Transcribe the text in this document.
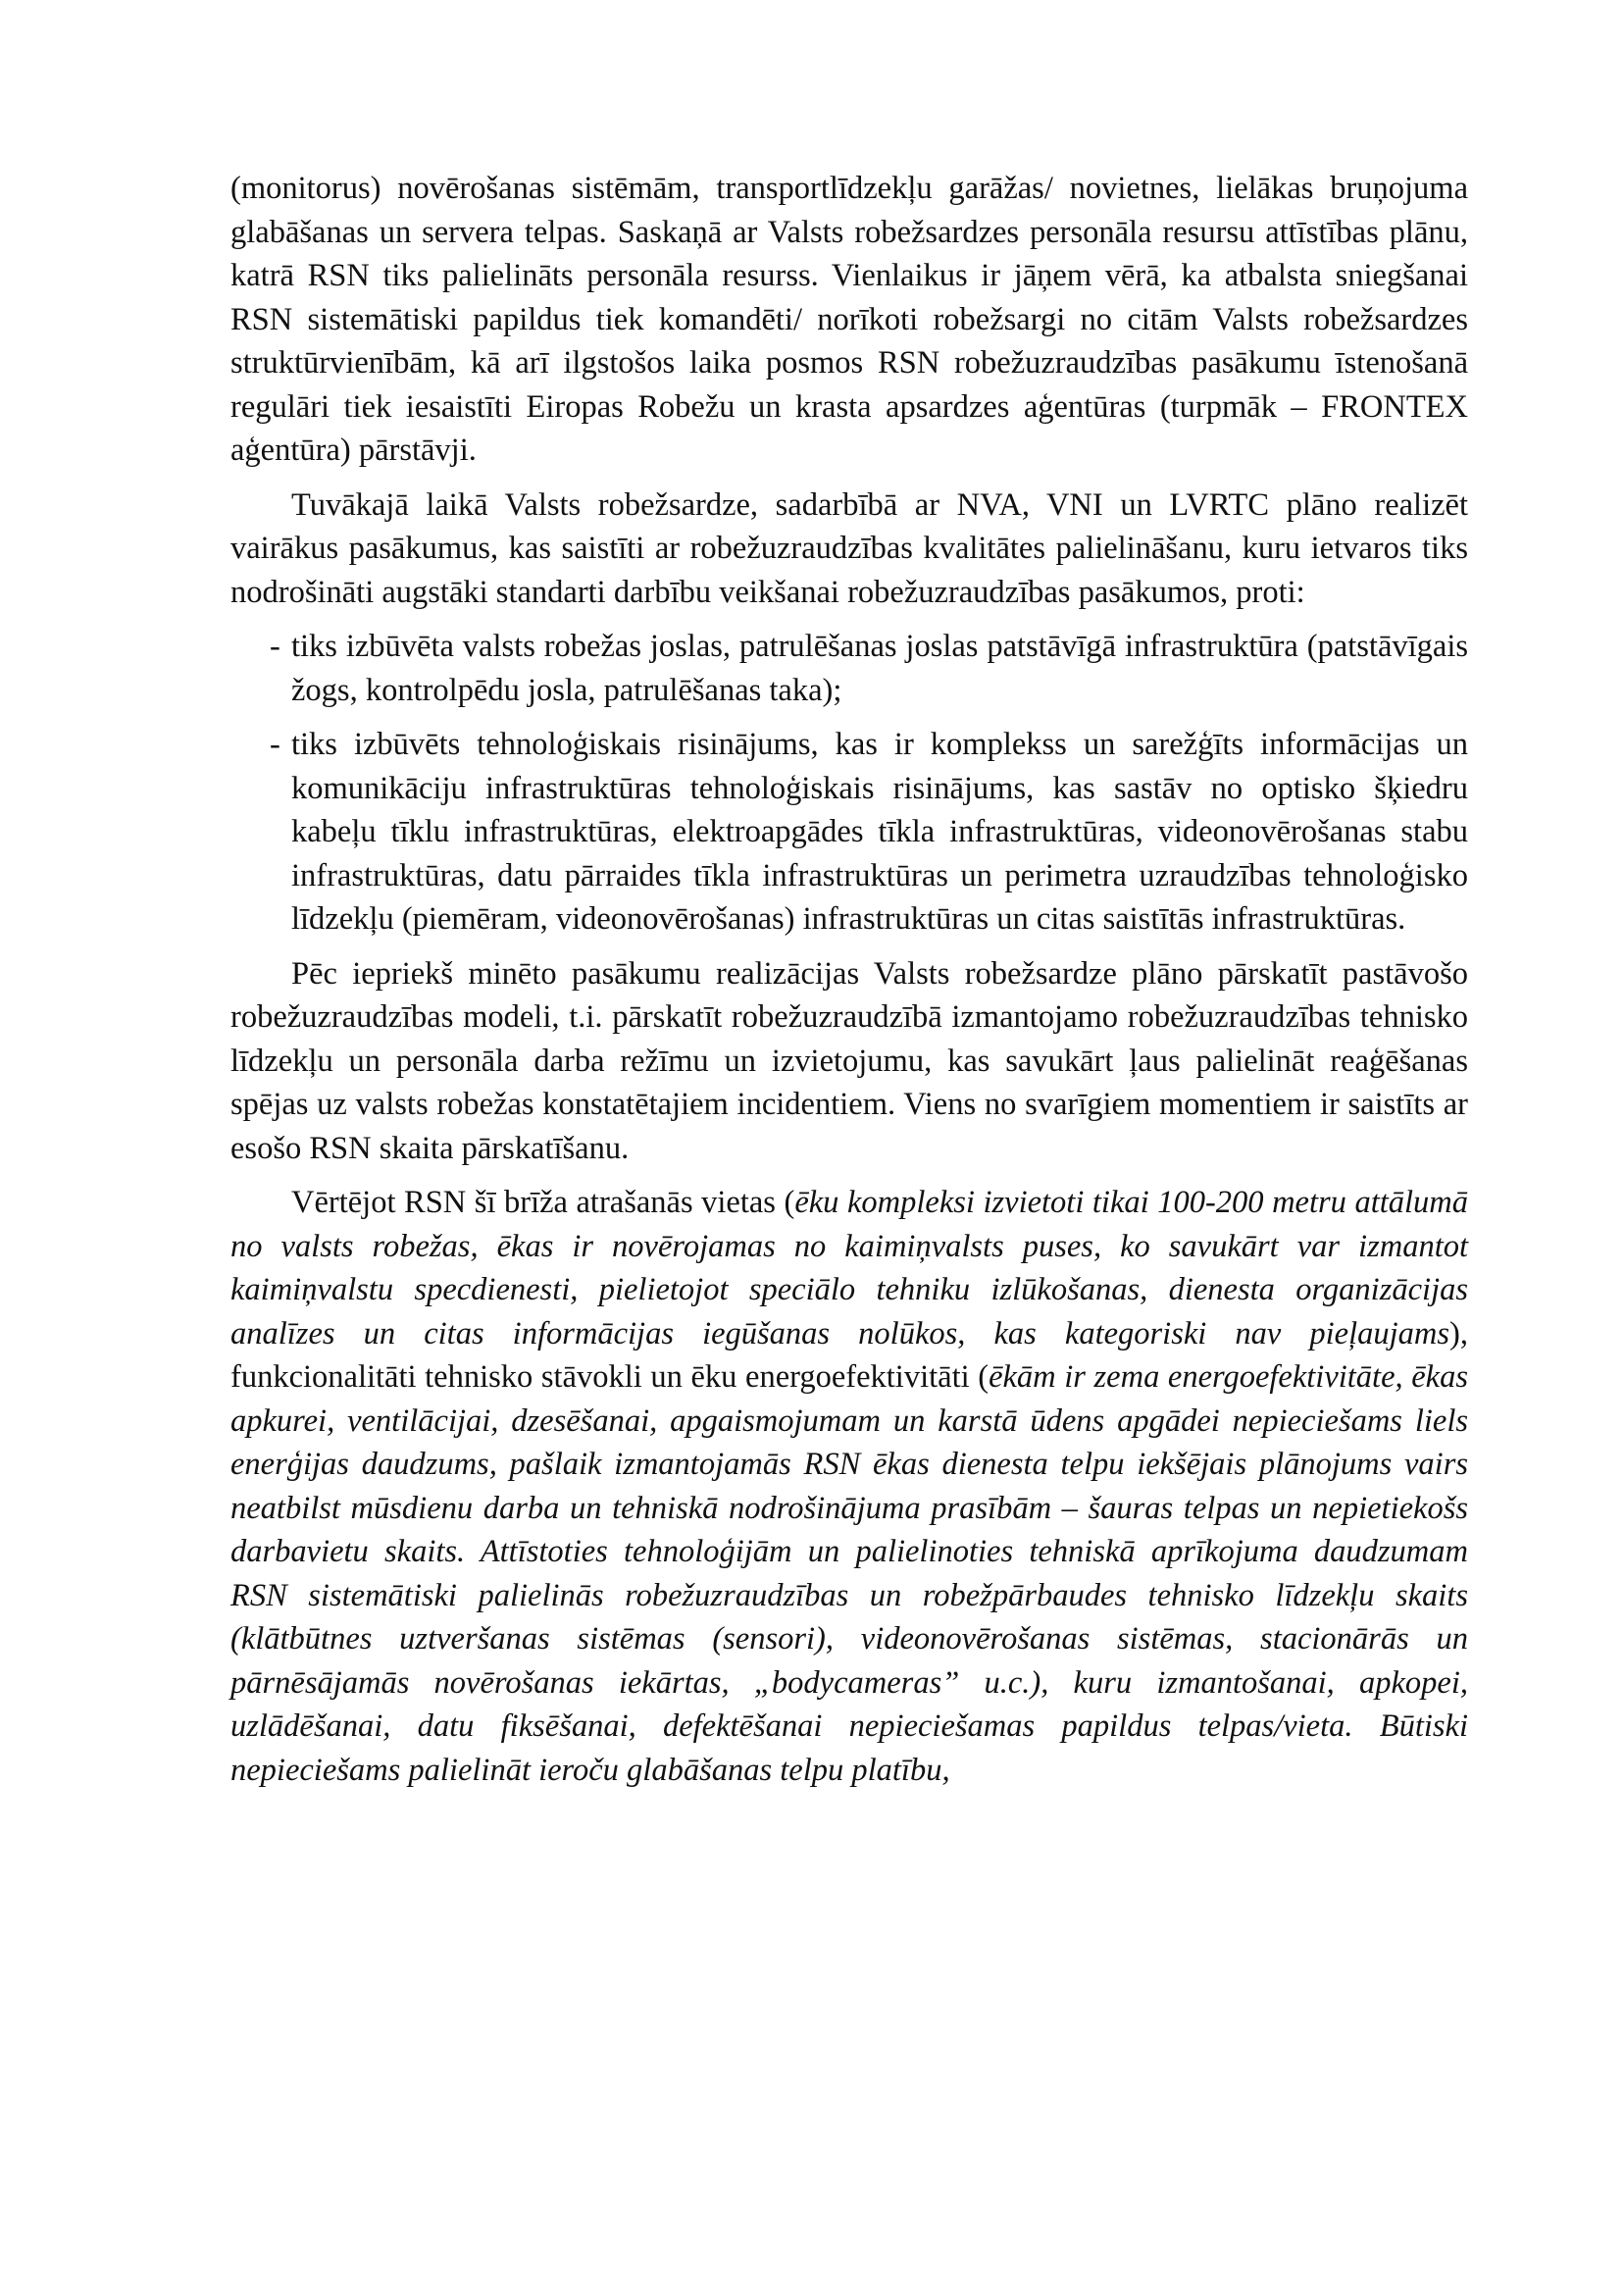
(monitorus) novērošanas sistēmām, transportlīdzekļu garāžas/ novietnes, lielākas bruņojuma glabāšanas un servera telpas. Saskaņā ar Valsts robežsardzes personāla resursu attīstības plānu, katrā RSN tiks palielināts personāla resurss. Vienlaikus ir jāņem vērā, ka atbalsta sniegšanai RSN sistemātiski papildus tiek komandēti/ norīkoti robežsargi no citām Valsts robežsardzes struktūrvienībām, kā arī ilgstošos laika posmos RSN robežuzraudzības pasākumu īstenošanā regulāri tiek iesaistīti Eiropas Robežu un krasta apsardzes aģentūras (turpmāk – FRONTEX aģentūra) pārstāvji.

Tuvākajā laikā Valsts robežsardze, sadarbībā ar NVA, VNI un LVRTC plāno realizēt vairākus pasākumus, kas saistīti ar robežuzraudzības kvalitātes palielināšanu, kuru ietvaros tiks nodrošināti augstāki standarti darbību veikšanai robežuzraudzības pasākumos, proti:

- tiks izbūvēta valsts robežas joslas, patrulēšanas joslas patstāvīgā infrastruktūra (patstāvīgais žogs, kontrolpēdu josla, patrulēšanas taka);
- tiks izbūvēts tehnoloģiskais risinājums, kas ir komplekss un sarežģīts informācijas un komunikāciju infrastruktūras tehnoloģiskais risinājums, kas sastāv no optisko šķiedru kabeļu tīklu infrastruktūras, elektroapgādes tīkla infrastruktūras, videonovērošanas stabu infrastruktūras, datu pārraides tīkla infrastruktūras un perimetra uzraudzības tehnoloģisko līdzekļu (piemēram, videonovērošanas) infrastruktūras un citas saistītās infrastruktūras.

Pēc iepriekš minēto pasākumu realizācijas Valsts robežsardze plāno pārskatīt pastāvošo robežuzraudzības modeli, t.i. pārskatīt robežuzraudzībā izmantojamo robežuzraudzības tehnisko līdzekļu un personāla darba režīmu un izvietojumu, kas savukārt ļaus palielināt reaģēšanas spējas uz valsts robežas konstatētajiem incidentiem. Viens no svarīgiem momentiem ir saistīts ar esošo RSN skaita pārskatīšanu.

Vērtējot RSN šī brīža atrašanās vietas (ēku kompleksi izvietoti tikai 100-200 metru attālumā no valsts robežas, ēkas ir novērojamas no kaimiņvalsts puses, ko savukārt var izmantot kaimiņvalstu specdienesti, pielietojot speciālo tehniku izlūkošanas, dienesta organizācijas analīzes un citas informācijas iegūšanas nolūkos, kas kategoriski nav pieļaujams), funkcionalitāti tehnisko stāvokli un ēku energoefektivitāti (ēkām ir zema energoefektivitāte, ēkas apkurei, ventilācijai, dzesēšanai, apgaismojumam un karstā ūdens apgādei nepieciešams liels enerģijas daudzums, pašlaik izmantojamās RSN ēkas dienesta telpu iekšējais plānojums vairs neatbilst mūsdienu darba un tehniskā nodrošinājuma prasībām – šauras telpas un nepietiekošs darbavietu skaits. Attīstoties tehnoloģijām un palielinoties tehniskā aprīkojuma daudzumam RSN sistemātiski palielinās robežuzraudzības un robežpārbaudes tehnisko līdzekļu skaits (klātbūtnes uztveršanas sistēmas (sensori), videonovērošanas sistēmas, stacionārās un pārnēsājamās novērošanas iekārtas, „bodycameras” u.c.), kuru izmantošanai, apkopei, uzlādēšanai, datu fiksēšanai, defektēšanai nepieciešamas papildus telpas/vieta. Būtiski nepieciešams palielināt ieroču glabāšanas telpu platību,
